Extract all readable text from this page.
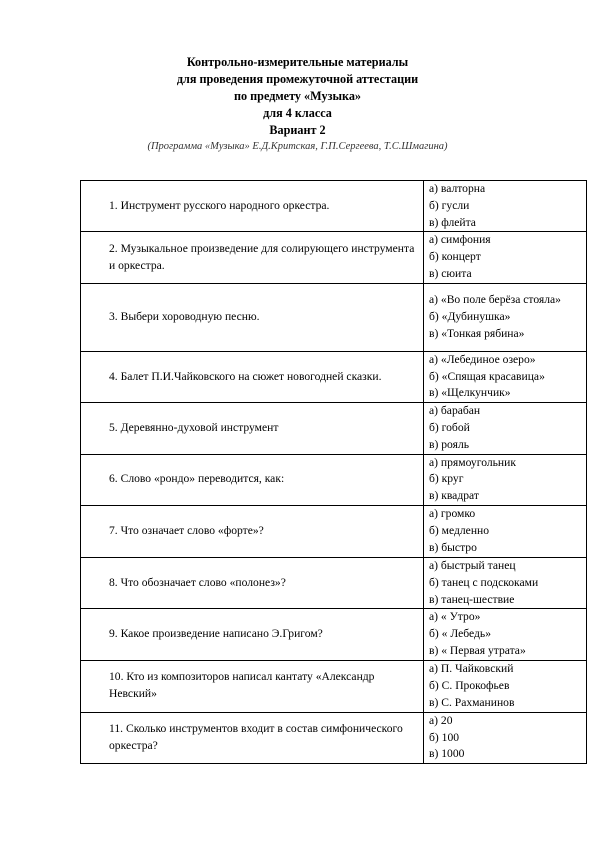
Контрольно-измерительные материалы
для проведения промежуточной аттестации
по предмету «Музыка»
для 4 класса
Вариант 2
(Программа «Музыка» Е.Д.Критская, Г.П.Сергеева, Т.С.Шмагина)
1. Инструмент русского народного оркестра.	а) валторна
б) гусли
в) флейта

2. Музыкальное произведение для солирующего инструмента и оркестра.	а) симфония
б) концерт
в) сюита

3. Выбери хороводную песню.	а) «Во поле берёза стояла»
б) «Дубинушка»
в) «Тонкая рябина»

4. Балет П.И.Чайковского на сюжет новогодней сказки.	а) «Лебединое озеро»
б) «Спящая красавица»
в) «Щелкунчик»

5. Деревянно-духовой инструмент	а) барабан
б) гобой
в) рояль

6. Слово «рондо» переводится, как:	а) прямоугольник
б) круг
в) квадрат

7. Что означает слово «форте»?	а) громко
б) медленно
в) быстро

8. Что обозначает слово «полонез»?	а) быстрый танец
б) танец с подскоками
в) танец-шествие

9. Какое произведение написано Э.Григом?	а) « Утро»
б) « Лебедь»
в) « Первая утрата»

10. Кто из композиторов написал кантату «Александр Невский»	а) П. Чайковский
б) С. Прокофьев
в) С. Рахманинов

11. Сколько инструментов входит в состав симфонического оркестра?	а) 20
б) 100
в) 1000
